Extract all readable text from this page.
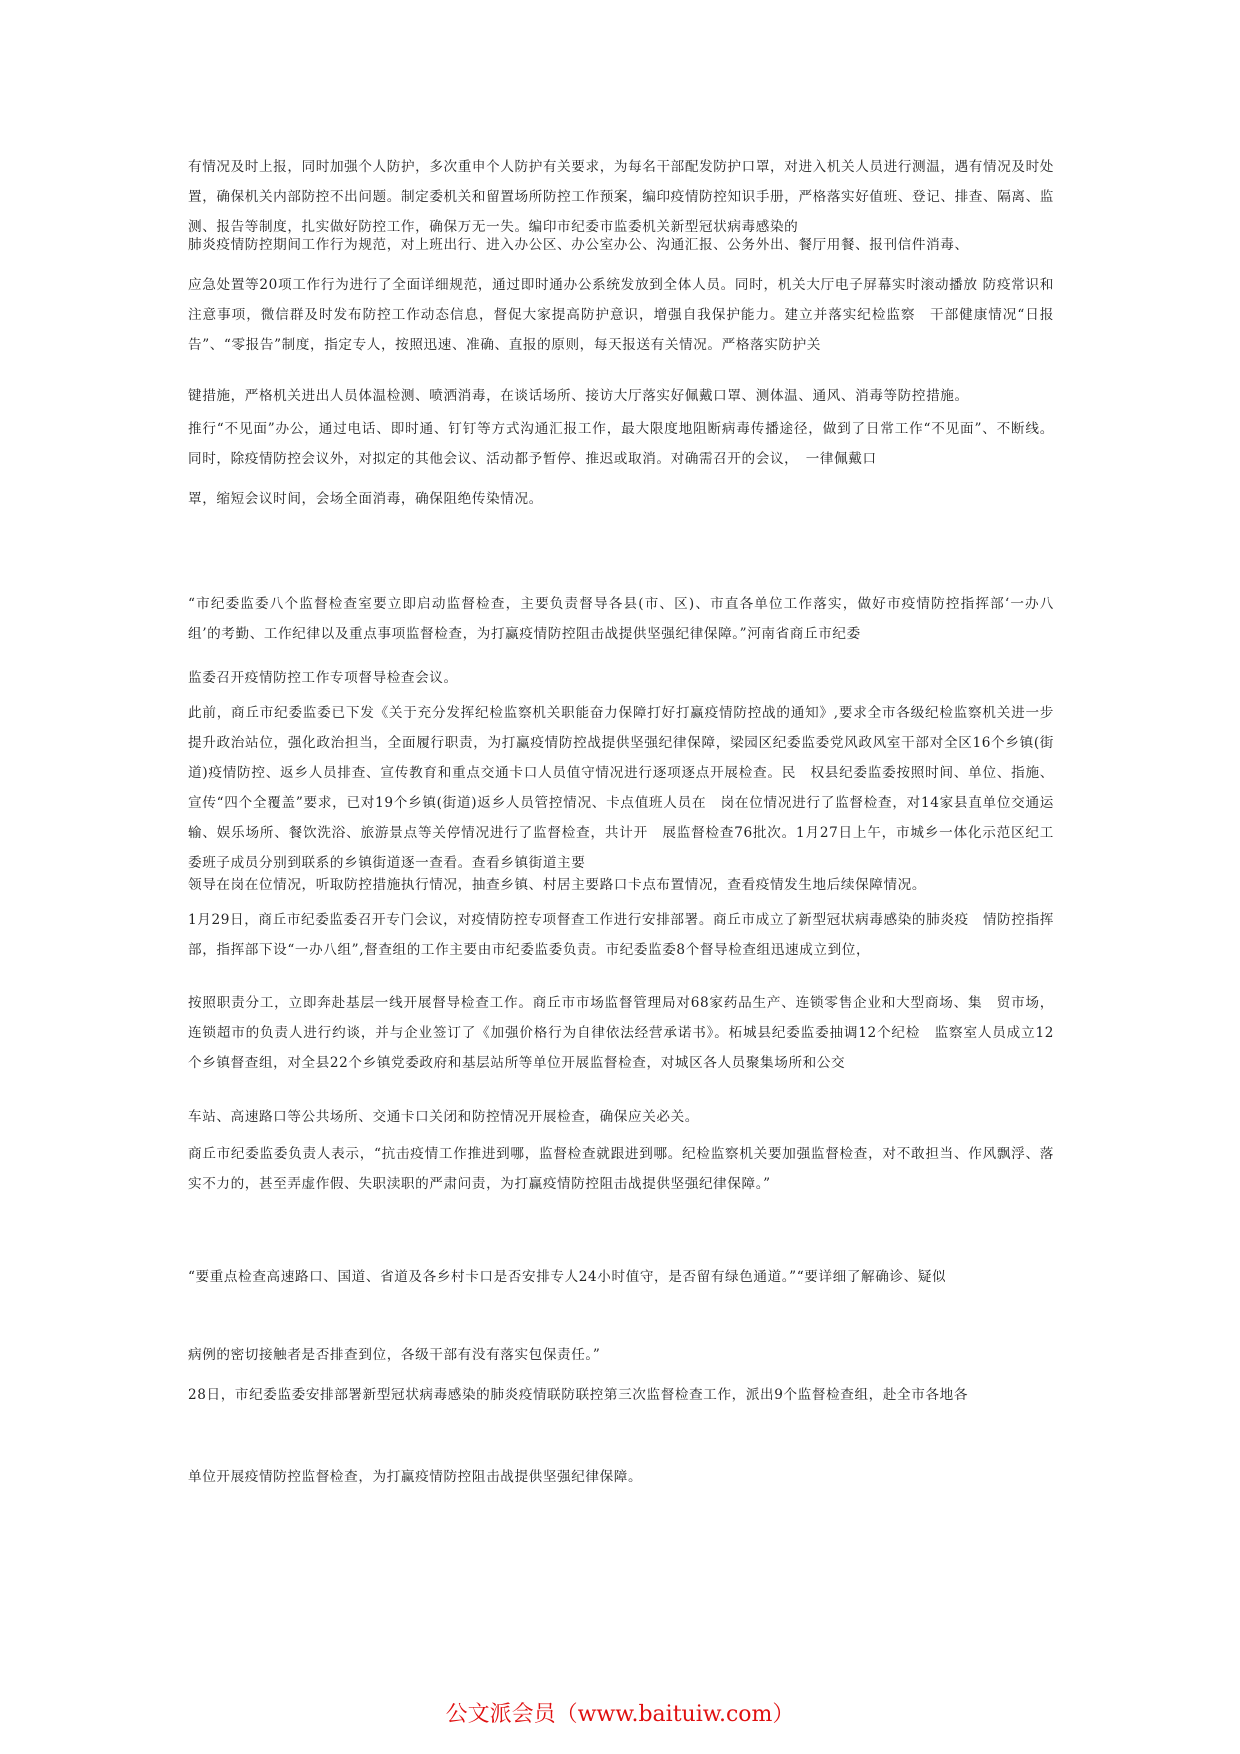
有情况及时上报，同时加强个人防护，多次重申个人防护有关要求，为每名干部配发防护口罩，对进入机关人员进行测温，遇有情况及时处置，确保机关内部防控不出问题。制定委机关和留置场所防控工作预案，编印疫情防控知识手册，严格落实好值班、登记、排查、隔离、监测、报告等制度，扎实做好防控工作，确保万无一失。编印市纪委市监委机关新型冠状病毒感染的

肺炎疫情防控期间工作行为规范，对上班出行、进入办公区、办公室办公、沟通汇报、公务外出、餐厅用餐、报刊信件消毒、

应急处置等20项工作行为进行了全面详细规范，通过即时通办公系统发放到全体人员。同时，机关大厅电子屏幕实时滚动播放 防疫常识和注意事项，微信群及时发布防控工作动态信息，督促大家提高防护意识，增强自我保护能力。建立并落实纪检监察　干部健康情况“日报告”、“零报告”制度，指定专人，按照迅速、准确、直报的原则，每天报送有关情况。严格落实防护关

键措施，严格机关进出人员体温检测、喷洒消毒，在谈话场所、接访大厅落实好佩戴口罩、测体温、通风、消毒等防控措施。

推行“不见面”办公，通过电话、即时通、钉钉等方式沟通汇报工作，最大限度地阻断病毒传播途径，做到了日常工作“不见面”、不断线。同时，除疫情防控会议外，对拟定的其他会议、活动都予暂停、推迟或取消。对确需召开的会议，　一律佩戴口

罩，缩短会议时间，会场全面消毒，确保阻绝传染情况。

“市纪委监委八个监督检查室要立即启动监督检查，主要负责督导各县(市、区)、市直各单位工作落实，做好市疫情防控指挥部‘一办八组’的考勤、工作纪律以及重点事项监督检查，为打赢疫情防控阻击战提供坚强纪律保障。”河南省商丘市纪委

监委召开疫情防控工作专项督导检查会议。

此前，商丘市纪委监委已下发《关于充分发挥纪检监察机关职能奋力保障打好打赢疫情防控战的通知》,要求全市各级纪检监察机关进一步提升政治站位，强化政治担当，全面履行职责，为打赢疫情防控战提供坚强纪律保障，梁园区纪委监委党风政风室干部对全区16个乡镇(街道)疫情防控、返乡人员排查、宣传教育和重点交通卡口人员值守情况进行逐项逐点开展检查。民　权县纪委监委按照时间、单位、指施、宣传“四个全覆盖”要求，已对19个乡镇(街道)返乡人员管控情况、卡点值班人员在　岗在位情况进行了监督检查，对14家县直单位交通运输、娱乐场所、餐饮洗浴、旅游景点等关停情况进行了监督检查，共计开　展监督检查76批次。1月27日上午，市城乡一体化示范区纪工委班子成员分别到联系的乡镇街道逐一查看。查看乡镇街道主要

领导在岗在位情况，听取防控措施执行情况，抽查乡镇、村居主要路口卡点布置情况，查看疫情发生地后续保障情况。

1月29日，商丘市纪委监委召开专门会议，对疫情防控专项督查工作进行安排部署。商丘市成立了新型冠状病毒感染的肺炎疫　情防控指挥部，指挥部下设“一办八组”,督查组的工作主要由市纪委监委负责。市纪委监委8个督导检查组迅速成立到位，

按照职责分工，立即奔赴基层一线开展督导检查工作。商丘市市场监督管理局对68家药品生产、连锁零售企业和大型商场、集　贸市场，连锁超市的负责人进行约谈，并与企业签订了《加强价格行为自律依法经营承诺书》。柘城县纪委监委抽调12个纪检　监察室人员成立12个乡镇督查组，对全县22个乡镇党委政府和基层站所等单位开展监督检查，对城区各人员聚集场所和公交

车站、高速路口等公共场所、交通卡口关闭和防控情况开展检查，确保应关必关。

商丘市纪委监委负责人表示，“抗击疫情工作推进到哪，监督检查就跟进到哪。纪检监察机关要加强监督检查，对不敢担当、作风飘浮、落实不力的，甚至弄虚作假、失职渎职的严肃问责，为打赢疫情防控阻击战提供坚强纪律保障。”

“要重点检查高速路口、国道、省道及各乡村卡口是否安排专人24小时值守，是否留有绿色通道。”“要详细了解确诊、疑似

病例的密切接触者是否排查到位，各级干部有没有落实包保责任。”

28日，市纪委监委安排部署新型冠状病毒感染的肺炎疫情联防联控第三次监督检查工作，派出9个监督检查组，赴全市各地各

单位开展疫情防控监督检查，为打赢疫情防控阻击战提供坚强纪律保障。

公文派会员（www.baituiw.com）
